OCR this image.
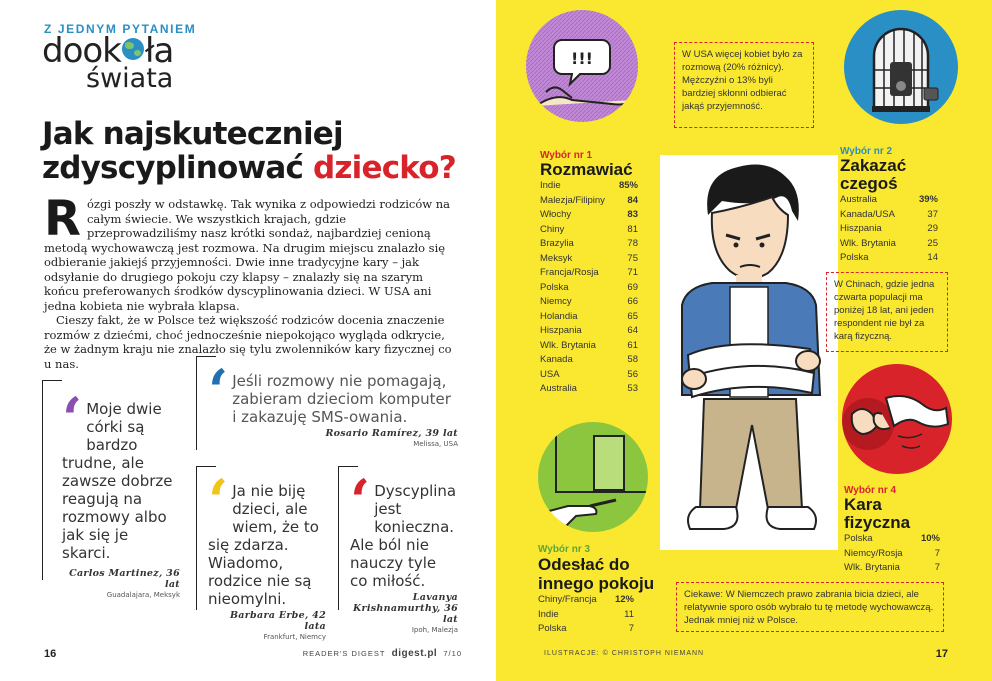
Z JEDNYM PYTANIEM
dook ła
świata
Jak najskuteczniej zdyscyplinować dziecko?

Rózgi poszły w odstawkę. Tak wynika z odpowiedzi rodziców na całym świecie. We wszystkich krajach, gdzie przeprowadziliśmy nasz krótki sondaż, najbardziej cenioną metodą wychowawczą jest rozmowa. Na drugim miejscu znalazło się odbieranie jakiejś przyjemności. Dwie inne tradycyjne kary – jak odsyłanie do drugiego pokoju czy klapsy – znalazły się na szarym końcu preferowanych środków dyscyplinowania dzieci. W USA ani jedna kobieta nie wybrała klapsa.

Cieszy fakt, że w Polsce też większość rodziców docenia znaczenie rozmów z dziećmi, choć jednocześnie niepokojąco wygląda odkrycie, że w żadnym kraju nie znalazło się tylu zwolenników kary fizycznej co u nas.

‘ Moje dwie córki są bardzo trudne, ale zawsze dobrze reagują na rozmowy albo jak się je skarci.
Carlos Martinez, 36 lat
Guadalajara, Meksyk
‘ Jeśli rozmowy nie pomagają, zabieram dzieciom komputer i zakazuję SMS-owania.
Rosario Ramírez, 39 lat
Melissa, USA
‘ Ja nie biję dzieci, ale wiem, że to się zdarza. Wiadomo, rodzice nie są nieomylni.
Barbara Erbe, 42 lata
Frankfurt, Niemcy
‘ Dyscyplina jest konieczna. Ale ból nie nauczy tyle co miłość.
Lavanya Krishnamurthy, 36 lat
Ipoh, Malezja
16	READER'S DIGEST digest.pl 7/10
!!!	W USA więcej kobiet było za rozmową (20% różnicy). Mężczyźni o 13% byli bardziej skłonni odbierać jakąś przyjemność.
Wybór nr 1
Rozmawiać
Indie	85%
Malezja/Filipiny 84
Włochy	83
Chiny	81
Brazylia	78
Meksyk	75
Francja/Rosja	71
Polska	69
Niemcy	66
Holandia	65
Hiszpania	64
Wlk. Brytania	61
Kanada	58
USA	56
Australia	53
Wybór nr 2
Zakazać czegoś
Australia	39%
Kanada/USA	37
Hiszpania	29
Wlk. Brytania	25
Polska	14
W Chinach, gdzie jedna czwarta populacji ma poniżej 18 lat, ani jeden respondent nie był za karą fizyczną.
Wybór nr 4
Kara fizyczna
Polska	10%
Niemcy/Rosja	7
Wlk. Brytania	7
Wybór nr 3
Odesłać do innego pokoju
Chiny/Francja 12%
Indie	11
Polska	7
Ciekawe: W Niemczech prawo zabrania bicia dzieci, ale relatywnie sporo osób wybrało tu tę metodę wychowawczą. Jednak mniej niż w Polsce.
ILUSTRACJE: © CHRISTOPH NIEMANN	17
